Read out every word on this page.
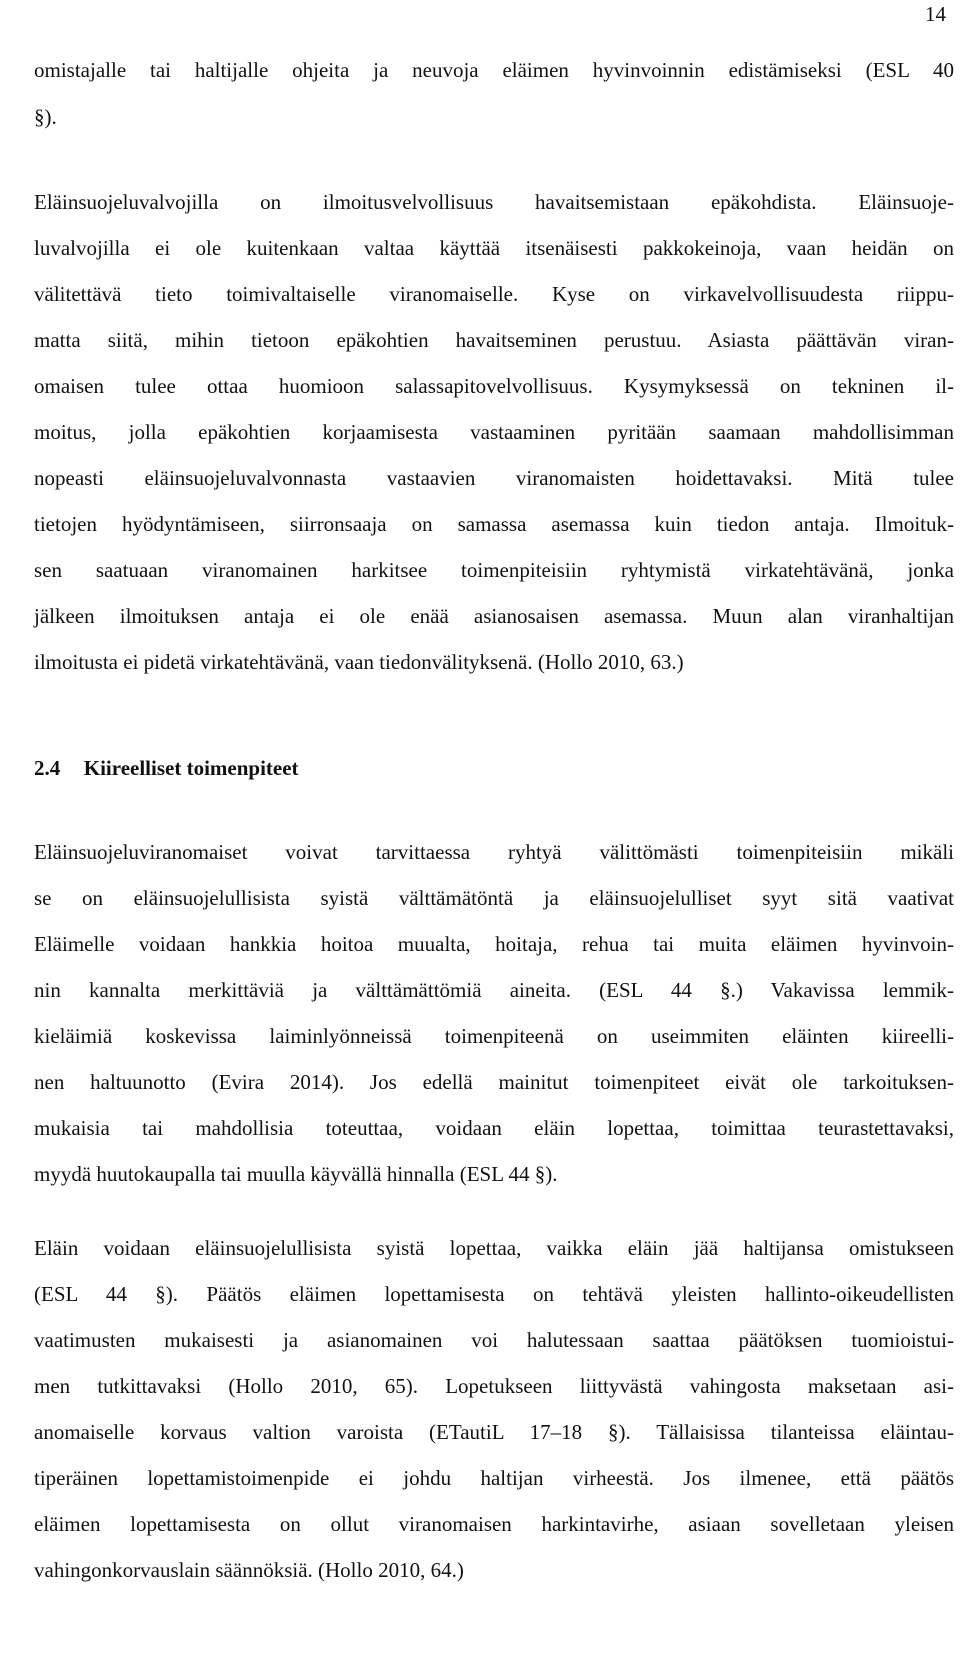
14
omistajalle tai haltijalle ohjeita ja neuvoja eläimen hyvinvoinnin edistämiseksi (ESL 40
§).
Eläinsuojeluvalvojilla on ilmoitusvelvollisuus havaitsemistaan epäkohdista. Eläinsuoje-
luvalvojilla ei ole kuitenkaan valtaa käyttää itsenäisesti pakkokeinoja, vaan heidän on
välitettävä tieto toimivaltaiselle viranomaiselle. Kyse on virkavelvollisuudesta riippu-
matta siitä, mihin tietoon epäkohtien havaitseminen perustuu. Asiasta päättävän viran-
omaisen tulee ottaa huomioon salassapitovelvollisuus. Kysymyksessä on tekninen il-
moitus, jolla epäkohtien korjaamisesta vastaaminen pyritään saamaan mahdollisimman
nopeasti eläinsuojeluvalvonnasta vastaavien viranomaisten hoidettavaksi. Mitä tulee
tietojen hyödyntämiseen, siirronsaaja on samassa asemassa kuin tiedon antaja. Ilmoituk-
sen saatuaan viranomainen harkitsee toimenpiteisiin ryhtymistä virkatehtävänä, jonka
jälkeen ilmoituksen antaja ei ole enää asianosaisen asemassa. Muun alan viranhaltijan
ilmoitusta ei pidetä virkatehtävänä, vaan tiedonvälityksenä. (Hollo 2010, 63.)
2.4 Kiireelliset toimenpiteet
Eläinsuojeluviranomaiset voivat tarvittaessa ryhtyä välittömästi toimenpiteisiin mikäli
se on eläinsuojelullisista syistä välttämätöntä ja eläinsuojelulliset syyt sitä vaativat
Eläimelle voidaan hankkia hoitoa muualta, hoitaja, rehua tai muita eläimen hyvinvoin-
nin kannalta merkittäviä ja välttämättömiä aineita. (ESL 44 §.) Vakavissa lemmik-
kieläimiä koskevissa laiminlyönneissä toimenpiteenä on useimmiten eläinten kiireelli-
nen haltuunotto (Evira 2014). Jos edellä mainitut toimenpiteet eivät ole tarkoituksen-
mukaisia tai mahdollisia toteuttaa, voidaan eläin lopettaa, toimittaa teurastettavaksi,
myydä huutokaupalla tai muulla käyvällä hinnalla (ESL 44 §).
Eläin voidaan eläinsuojelullisista syistä lopettaa, vaikka eläin jää haltijansa omistukseen
(ESL 44 §). Päätös eläimen lopettamisesta on tehtävä yleisten hallinto-oikeudellisten
vaatimusten mukaisesti ja asianomainen voi halutessaan saattaa päätöksen tuomioistui-
men tutkittavaksi (Hollo 2010, 65). Lopetukseen liittyvästä vahingosta maksetaan asi-
anomaiselle korvaus valtion varoista (ETautiL 17–18 §). Tällaisissa tilanteissa eläintau-
tiperäinen lopettamistoimenpide ei johdu haltijan virheestä. Jos ilmenee, että päätös
eläimen lopettamisesta on ollut viranomaisen harkintavirhe, asiaan sovelletaan yleisen
vahingonkorvauslain säännöksiä. (Hollo 2010, 64.)
